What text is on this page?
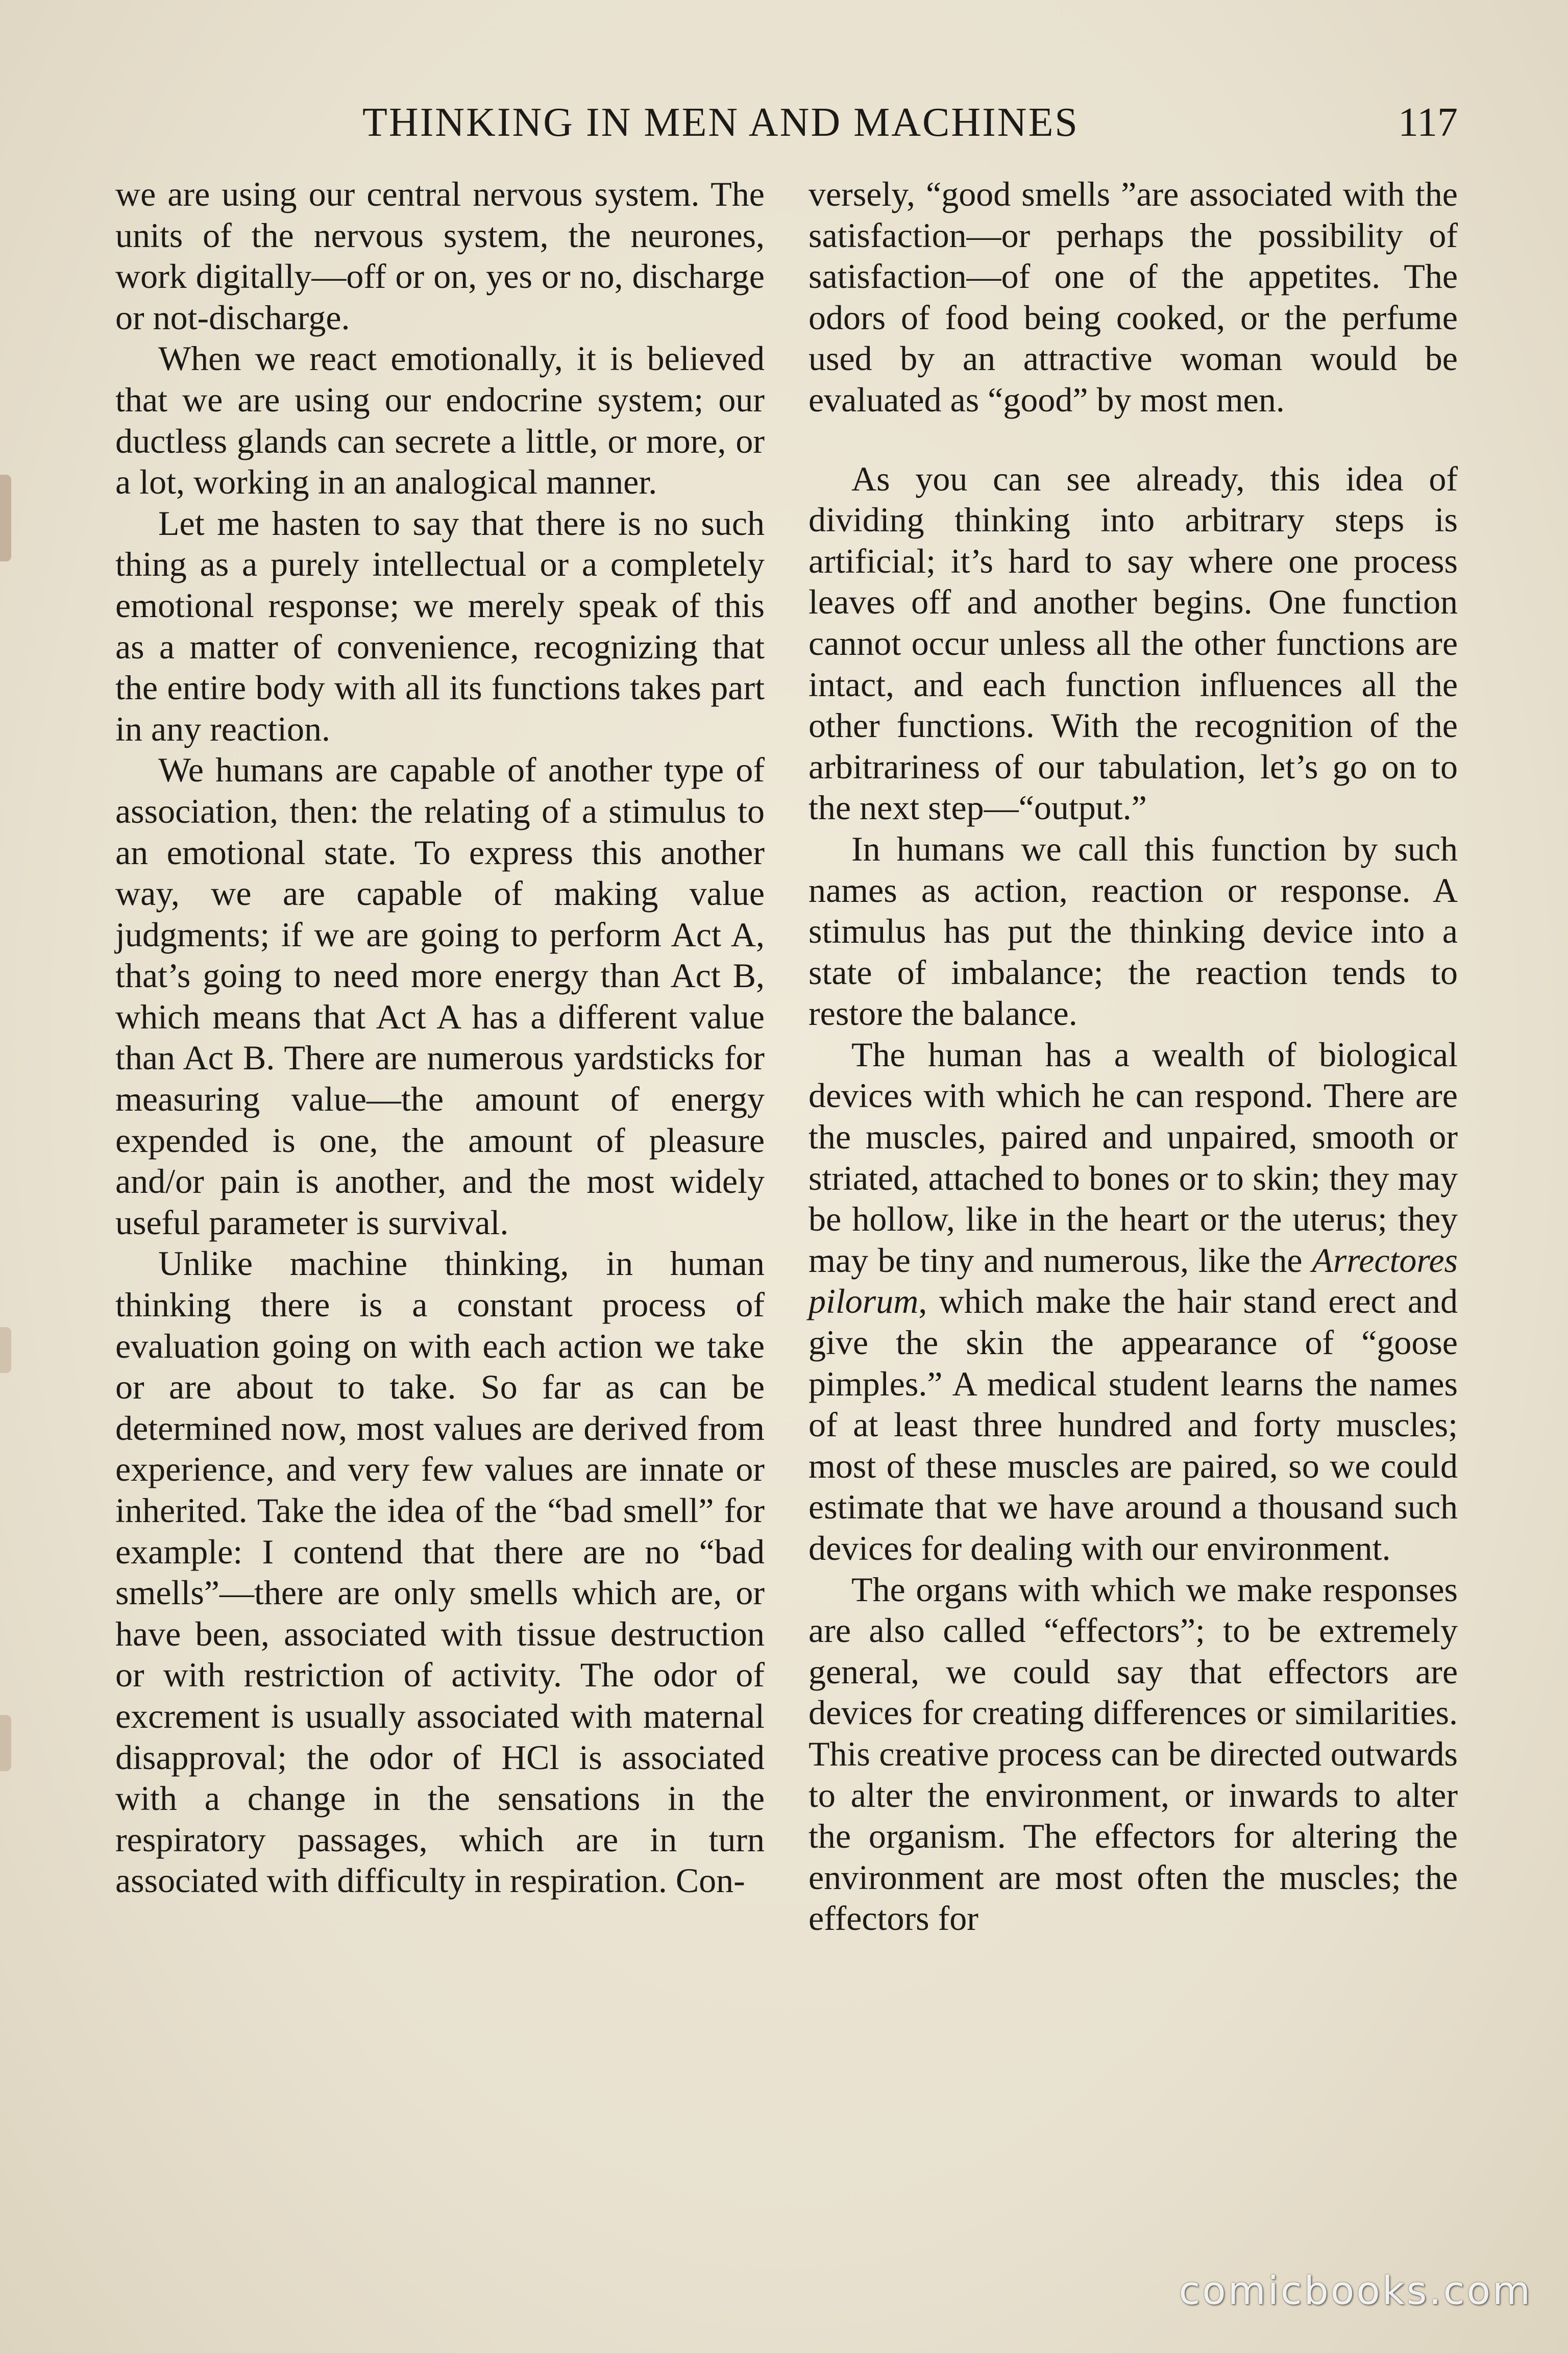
THINKING IN MEN AND MACHINES	117

we are using our central nervous system. The units of the nervous system, the neurones, work digitally—off or on, yes or no, discharge or not-discharge.

When we react emotionally, it is believed that we are using our endocrine system; our ductless glands can secrete a little, or more, or a lot, working in an analogical manner.

Let me hasten to say that there is no such thing as a purely intellectual or a completely emotional response; we merely speak of this as a matter of convenience, recognizing that the entire body with all its functions takes part in any reaction.

We humans are capable of another type of association, then: the relating of a stimulus to an emotional state. To express this another way, we are capable of making value judgments; if we are going to perform Act A, that’s going to need more energy than Act B, which means that Act A has a different value than Act B. There are numerous yardsticks for measuring value—the amount of energy expended is one, the amount of pleasure and/or pain is another, and the most widely useful parameter is survival.

Unlike machine thinking, in human thinking there is a constant process of evaluation going on with each action we take or are about to take. So far as can be determined now, most values are derived from experience, and very few values are innate or inherited. Take the idea of the “bad smell” for example: I contend that there are no “bad smells”—there are only smells which are, or have been, associated with tissue destruction or with restriction of activity. The odor of excrement is usually associated with maternal disapproval; the odor of HCl is associated with a change in the sensations in the respiratory passages, which are in turn associated with difficulty in respiration. Con-

versely, “good smells ”are associated with the satisfaction—or perhaps the possibility of satisfaction—of one of the appetites. The odors of food being cooked, or the perfume used by an attractive woman would be evaluated as “good” by most men.

As you can see already, this idea of dividing thinking into arbitrary steps is artificial; it’s hard to say where one process leaves off and another begins. One function cannot occur unless all the other functions are intact, and each function influences all the other functions. With the recognition of the arbitrariness of our tabulation, let’s go on to the next step—“output.”

In humans we call this function by such names as action, reaction or response. A stimulus has put the thinking device into a state of imbalance; the reaction tends to restore the balance.

The human has a wealth of biological devices with which he can respond. There are the muscles, paired and unpaired, smooth or striated, attached to bones or to skin; they may be hollow, like in the heart or the uterus; they may be tiny and numerous, like the Arrectores pilorum, which make the hair stand erect and give the skin the appearance of “goose pimples.” A medical student learns the names of at least three hundred and forty muscles; most of these muscles are paired, so we could estimate that we have around a thousand such devices for dealing with our environment.

The organs with which we make responses are also called “effectors”; to be extremely general, we could say that effectors are devices for creating differences or similarities. This creative process can be directed outwards to alter the environment, or inwards to alter the organism. The effectors for altering the environment are most often the muscles; the effectors for

comicbooks.com
